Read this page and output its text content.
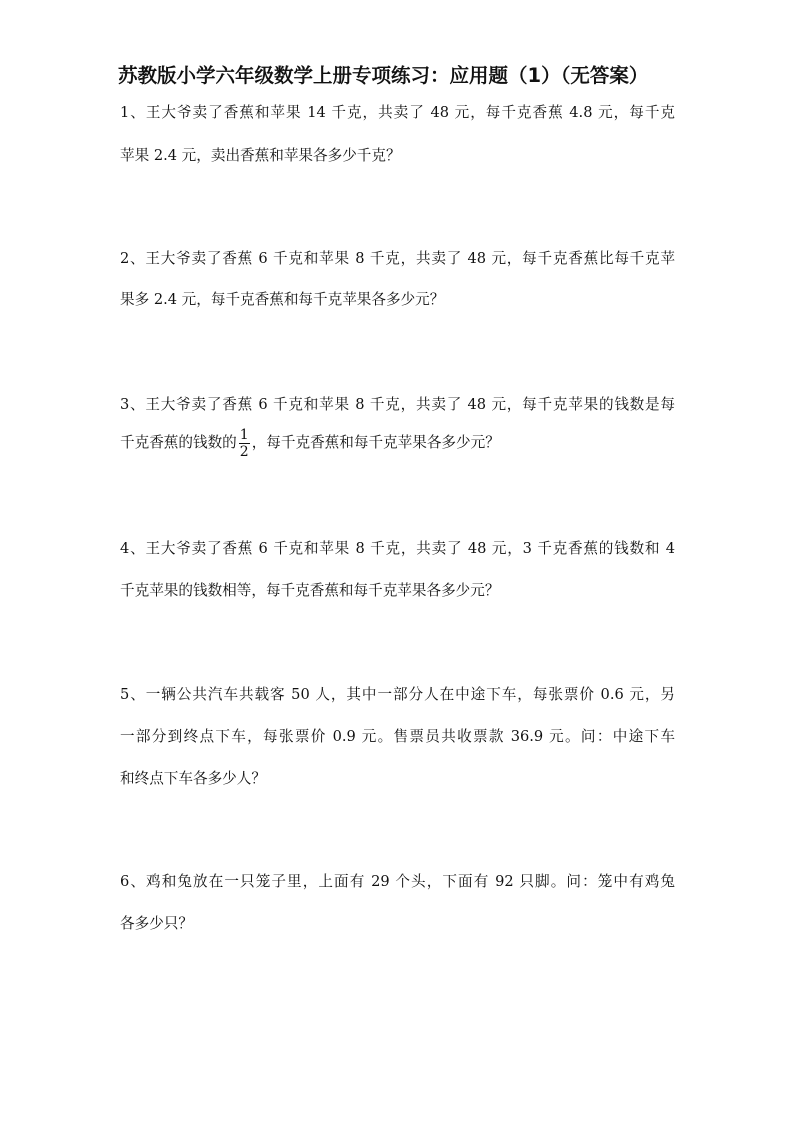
苏教版小学六年级数学上册专项练习：应用题（1）（无答案）
1、王大爷卖了香蕉和苹果 14 千克，共卖了 48 元，每千克香蕉 4.8 元，每千克
苹果 2.4 元，卖出香蕉和苹果各多少千克？
2、王大爷卖了香蕉 6 千克和苹果 8 千克，共卖了 48 元，每千克香蕉比每千克苹
果多 2.4 元，每千克香蕉和每千克苹果各多少元？
3、王大爷卖了香蕉 6 千克和苹果 8 千克，共卖了 48 元，每千克苹果的钱数是每
千克香蕉的钱数的 $\frac{1}{2}$ ，每千克香蕉和每千克苹果各多少元？
4、王大爷卖了香蕉 6 千克和苹果 8 千克，共卖了 48 元，3 千克香蕉的钱数和 4
千克苹果的钱数相等，每千克香蕉和每千克苹果各多少元？
5、一辆公共汽车共载客 50 人，其中一部分人在中途下车，每张票价 0.6 元，另
一部分到终点下车，每张票价 0.9 元。售票员共收票款 36.9 元。问：中途下车
和终点下车各多少人？
6、鸡和兔放在一只笼子里，上面有 29 个头，下面有 92 只脚。问：笼中有鸡兔
各多少只？
